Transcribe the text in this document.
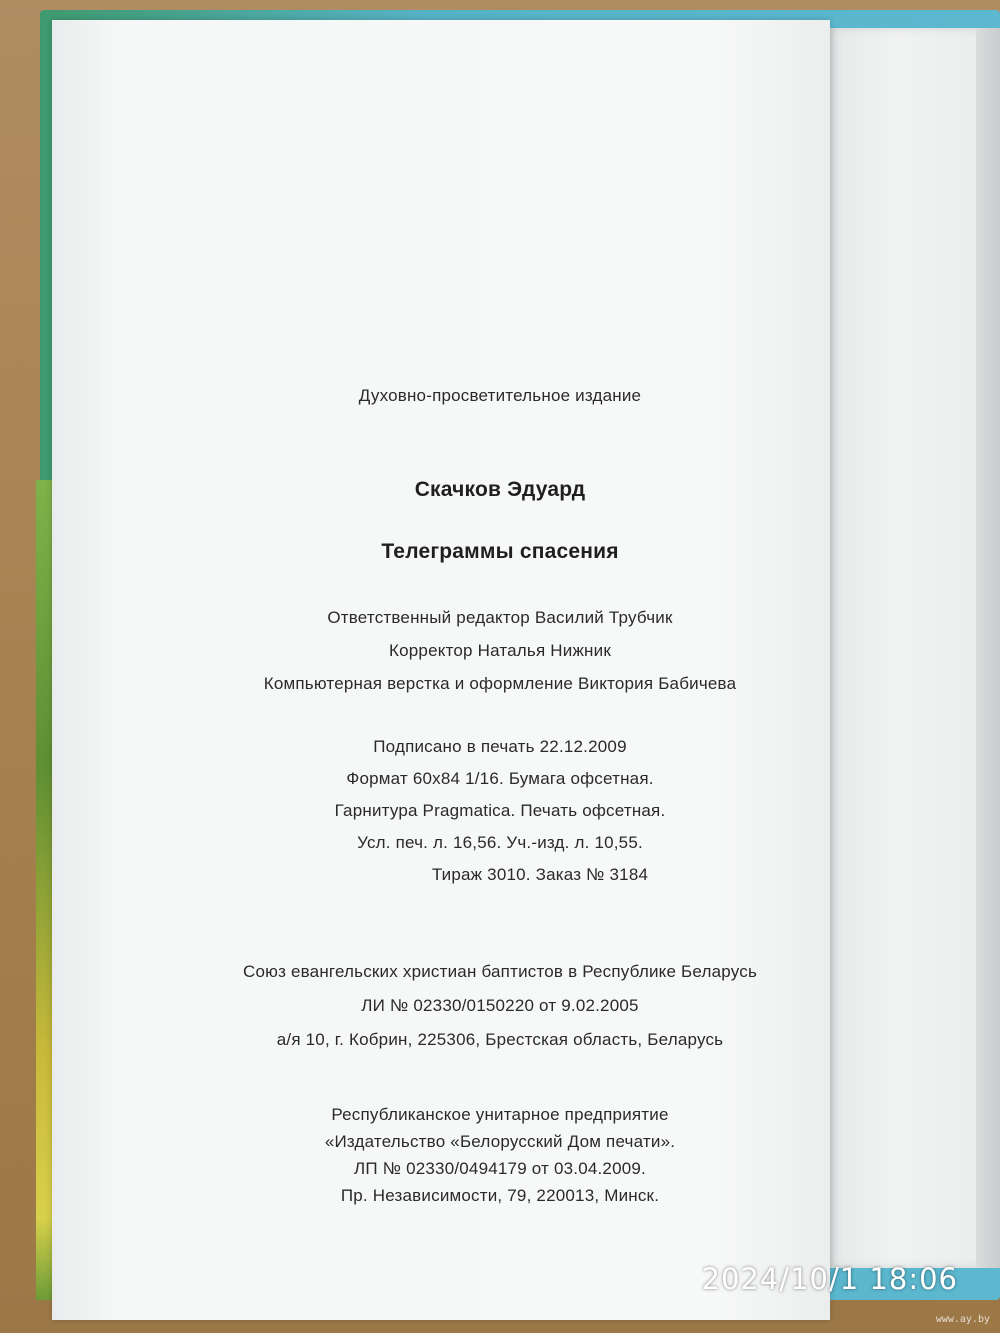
Духовно-просветительное издание
Скачков Эдуард
Телеграммы спасения
Ответственный редактор Василий Трубчик
Корректор Наталья Нижник
Компьютерная верстка и оформление Виктория Бабичева
Подписано в печать 22.12.2009
Формат 60х84 1/16. Бумага офсетная.
Гарнитура Pragmatica. Печать офсетная.
Усл. печ. л. 16,56. Уч.-изд. л. 10,55.
Тираж 3010. Заказ № 3184
Союз евангельских христиан баптистов в Республике Беларусь
ЛИ № 02330/0150220 от 9.02.2005
а/я 10, г. Кобрин, 225306, Брестская область, Беларусь
Республиканское унитарное предприятие
«Издательство «Белорусский Дом печати».
ЛП № 02330/0494179 от 03.04.2009.
Пр. Независимости, 79, 220013, Минск.
2024/10/1 18:06
www.ay.by
